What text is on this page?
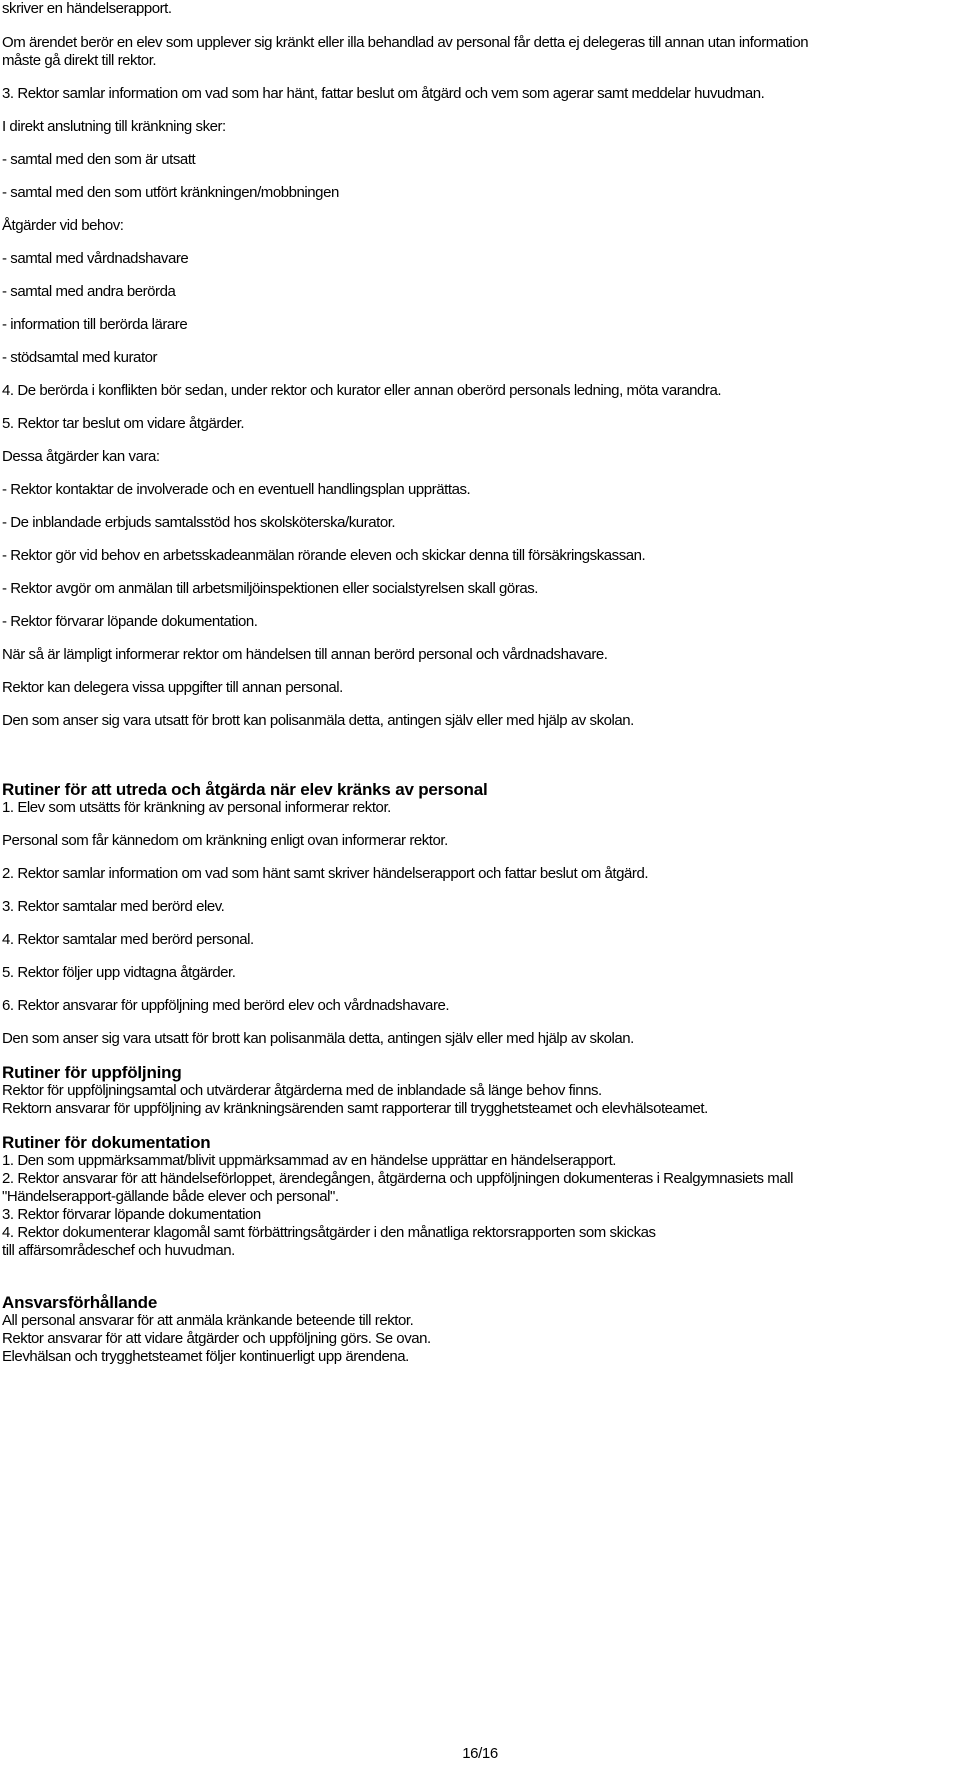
skriver en händelserapport.
Om ärendet berör en elev som upplever sig kränkt eller illa behandlad av personal får detta ej delegeras till annan utan information
måste gå direkt till rektor.
3. Rektor samlar information om vad som har hänt, fattar beslut om åtgärd och vem som agerar samt meddelar huvudman.
I direkt anslutning till kränkning sker:
- samtal med den som är utsatt
- samtal med den som utfört kränkningen/mobbningen
Åtgärder vid behov:
- samtal med vårdnadshavare
- samtal med andra berörda
- information till berörda lärare
- stödsamtal med kurator
4. De berörda i konflikten bör sedan, under rektor och kurator eller annan oberörd personals ledning, möta varandra.
5. Rektor tar beslut om vidare åtgärder.
Dessa åtgärder kan vara:
- Rektor kontaktar de involverade och en eventuell handlingsplan upprättas.
- De inblandade erbjuds samtalsstöd hos skolsköterska/kurator.
- Rektor gör vid behov en arbetsskadeanmälan rörande eleven och skickar denna till försäkringskassan.
- Rektor avgör om anmälan till arbetsmiljöinspektionen eller socialstyrelsen skall göras.
- Rektor förvarar löpande dokumentation.
När så är lämpligt informerar rektor om händelsen till annan berörd personal och vårdnadshavare.
Rektor kan delegera vissa uppgifter till annan personal.
Den som anser sig vara utsatt för brott kan polisanmäla detta, antingen själv eller med hjälp av skolan.
Rutiner för att utreda och åtgärda när elev kränks av personal
1. Elev som utsätts för kränkning av personal informerar rektor.
Personal som får kännedom om kränkning enligt ovan informerar rektor.
2. Rektor samlar information om vad som hänt samt skriver händelserapport och fattar beslut om åtgärd.
3. Rektor samtalar med berörd elev.
4. Rektor samtalar med berörd personal.
5. Rektor följer upp vidtagna åtgärder.
6. Rektor ansvarar för uppföljning med berörd elev och vårdnadshavare.
Den som anser sig vara utsatt för brott kan polisanmäla detta, antingen själv eller med hjälp av skolan.
Rutiner för uppföljning
Rektor för uppföljningsamtal och utvärderar åtgärderna med de inblandade så länge behov finns.
Rektorn ansvarar för uppföljning av kränkningsärenden samt rapporterar till trygghetsteamet och elevhälsoteamet.
Rutiner för dokumentation
1. Den som uppmärksammat/blivit uppmärksammad av en händelse upprättar en händelserapport.
2. Rektor ansvarar för att händelseförloppet, ärendegången, åtgärderna och uppföljningen dokumenteras i Realgymnasiets mall
"Händelserapport-gällande både elever och personal".
3. Rektor förvarar löpande dokumentation
4. Rektor dokumenterar klagomål samt förbättringsåtgärder i den månatliga rektorsrapporten som skickas
till affärsområdeschef och huvudman.
Ansvarsförhållande
All personal ansvarar för att anmäla kränkande beteende till rektor.
Rektor ansvarar för att vidare åtgärder och uppföljning görs. Se ovan.
Elevhälsan och trygghetsteamet följer kontinuerligt upp ärendena.
16/16
